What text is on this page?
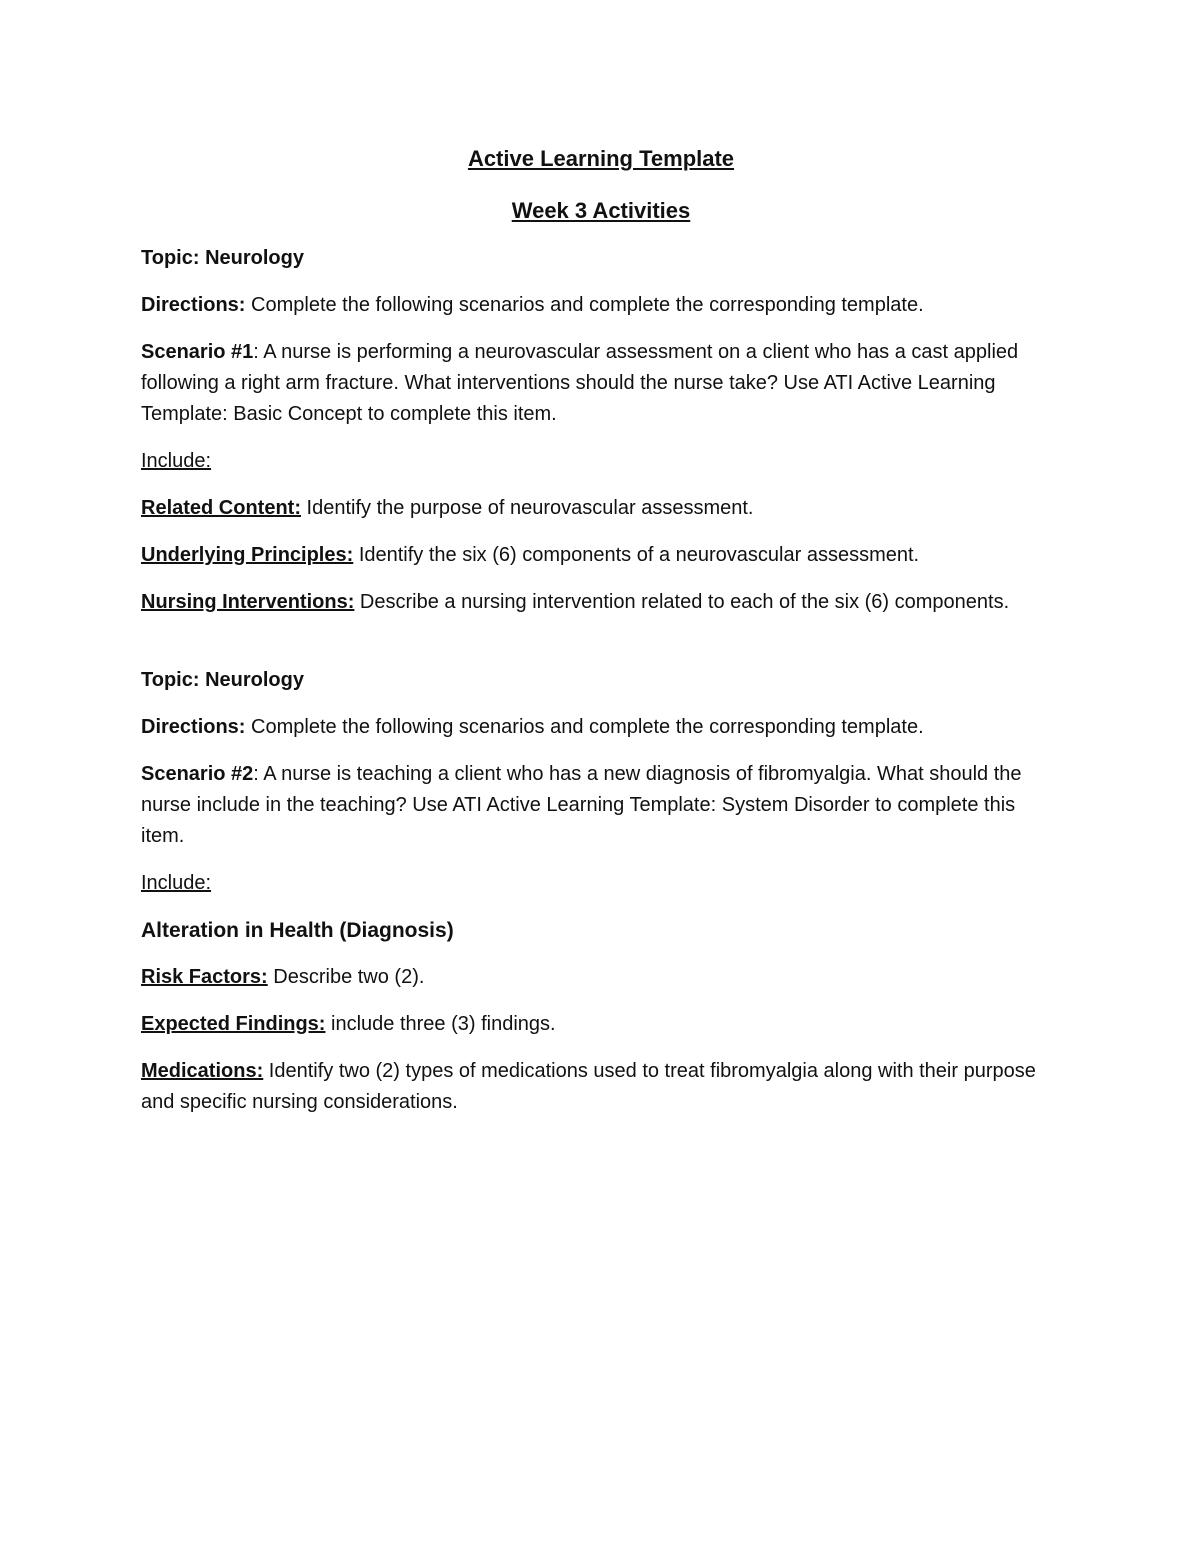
Active Learning Template

Week 3 Activities

Topic: Neurology

Directions: Complete the following scenarios and complete the corresponding template.

Scenario #1: A nurse is performing a neurovascular assessment on a client who has a cast applied following a right arm fracture. What interventions should the nurse take? Use ATI Active Learning Template: Basic Concept to complete this item.

Include:

Related Content: Identify the purpose of neurovascular assessment.

Underlying Principles: Identify the six (6) components of a neurovascular assessment.

Nursing Interventions: Describe a nursing intervention related to each of the six (6) components.

Topic: Neurology

Directions: Complete the following scenarios and complete the corresponding template.

Scenario #2: A nurse is teaching a client who has a new diagnosis of fibromyalgia. What should the nurse include in the teaching? Use ATI Active Learning Template: System Disorder to complete this item.

Include:

Alteration in Health (Diagnosis)

Risk Factors: Describe two (2).

Expected Findings: include three (3) findings.

Medications: Identify two (2) types of medications used to treat fibromyalgia along with their purpose and specific nursing considerations.
